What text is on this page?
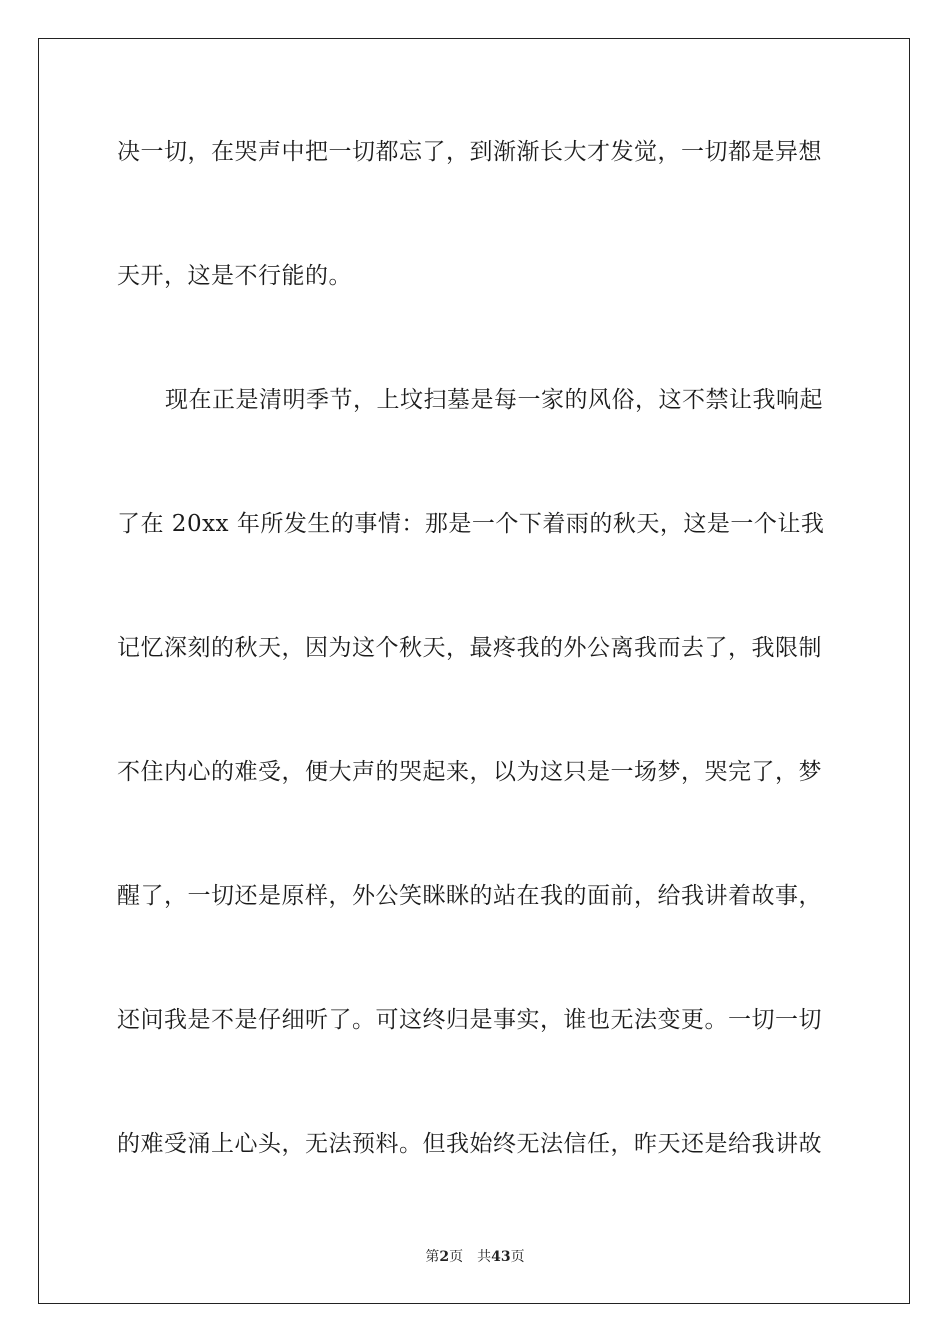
决一切，在哭声中把一切都忘了，到渐渐长大才发觉，一切都是异想
天开，这是不行能的。
现在正是清明季节，上坟扫墓是每一家的风俗，这不禁让我响起
了在 20xx 年所发生的事情：那是一个下着雨的秋天，这是一个让我
记忆深刻的秋天，因为这个秋天，最疼我的外公离我而去了，我限制
不住内心的难受，便大声的哭起来，以为这只是一场梦，哭完了，梦
醒了，一切还是原样，外公笑眯眯的站在我的面前，给我讲着故事，
还问我是不是仔细听了。可这终归是事实，谁也无法变更。一切一切
的难受涌上心头，无法预料。但我始终无法信任，昨天还是给我讲故
第2页 共43页
